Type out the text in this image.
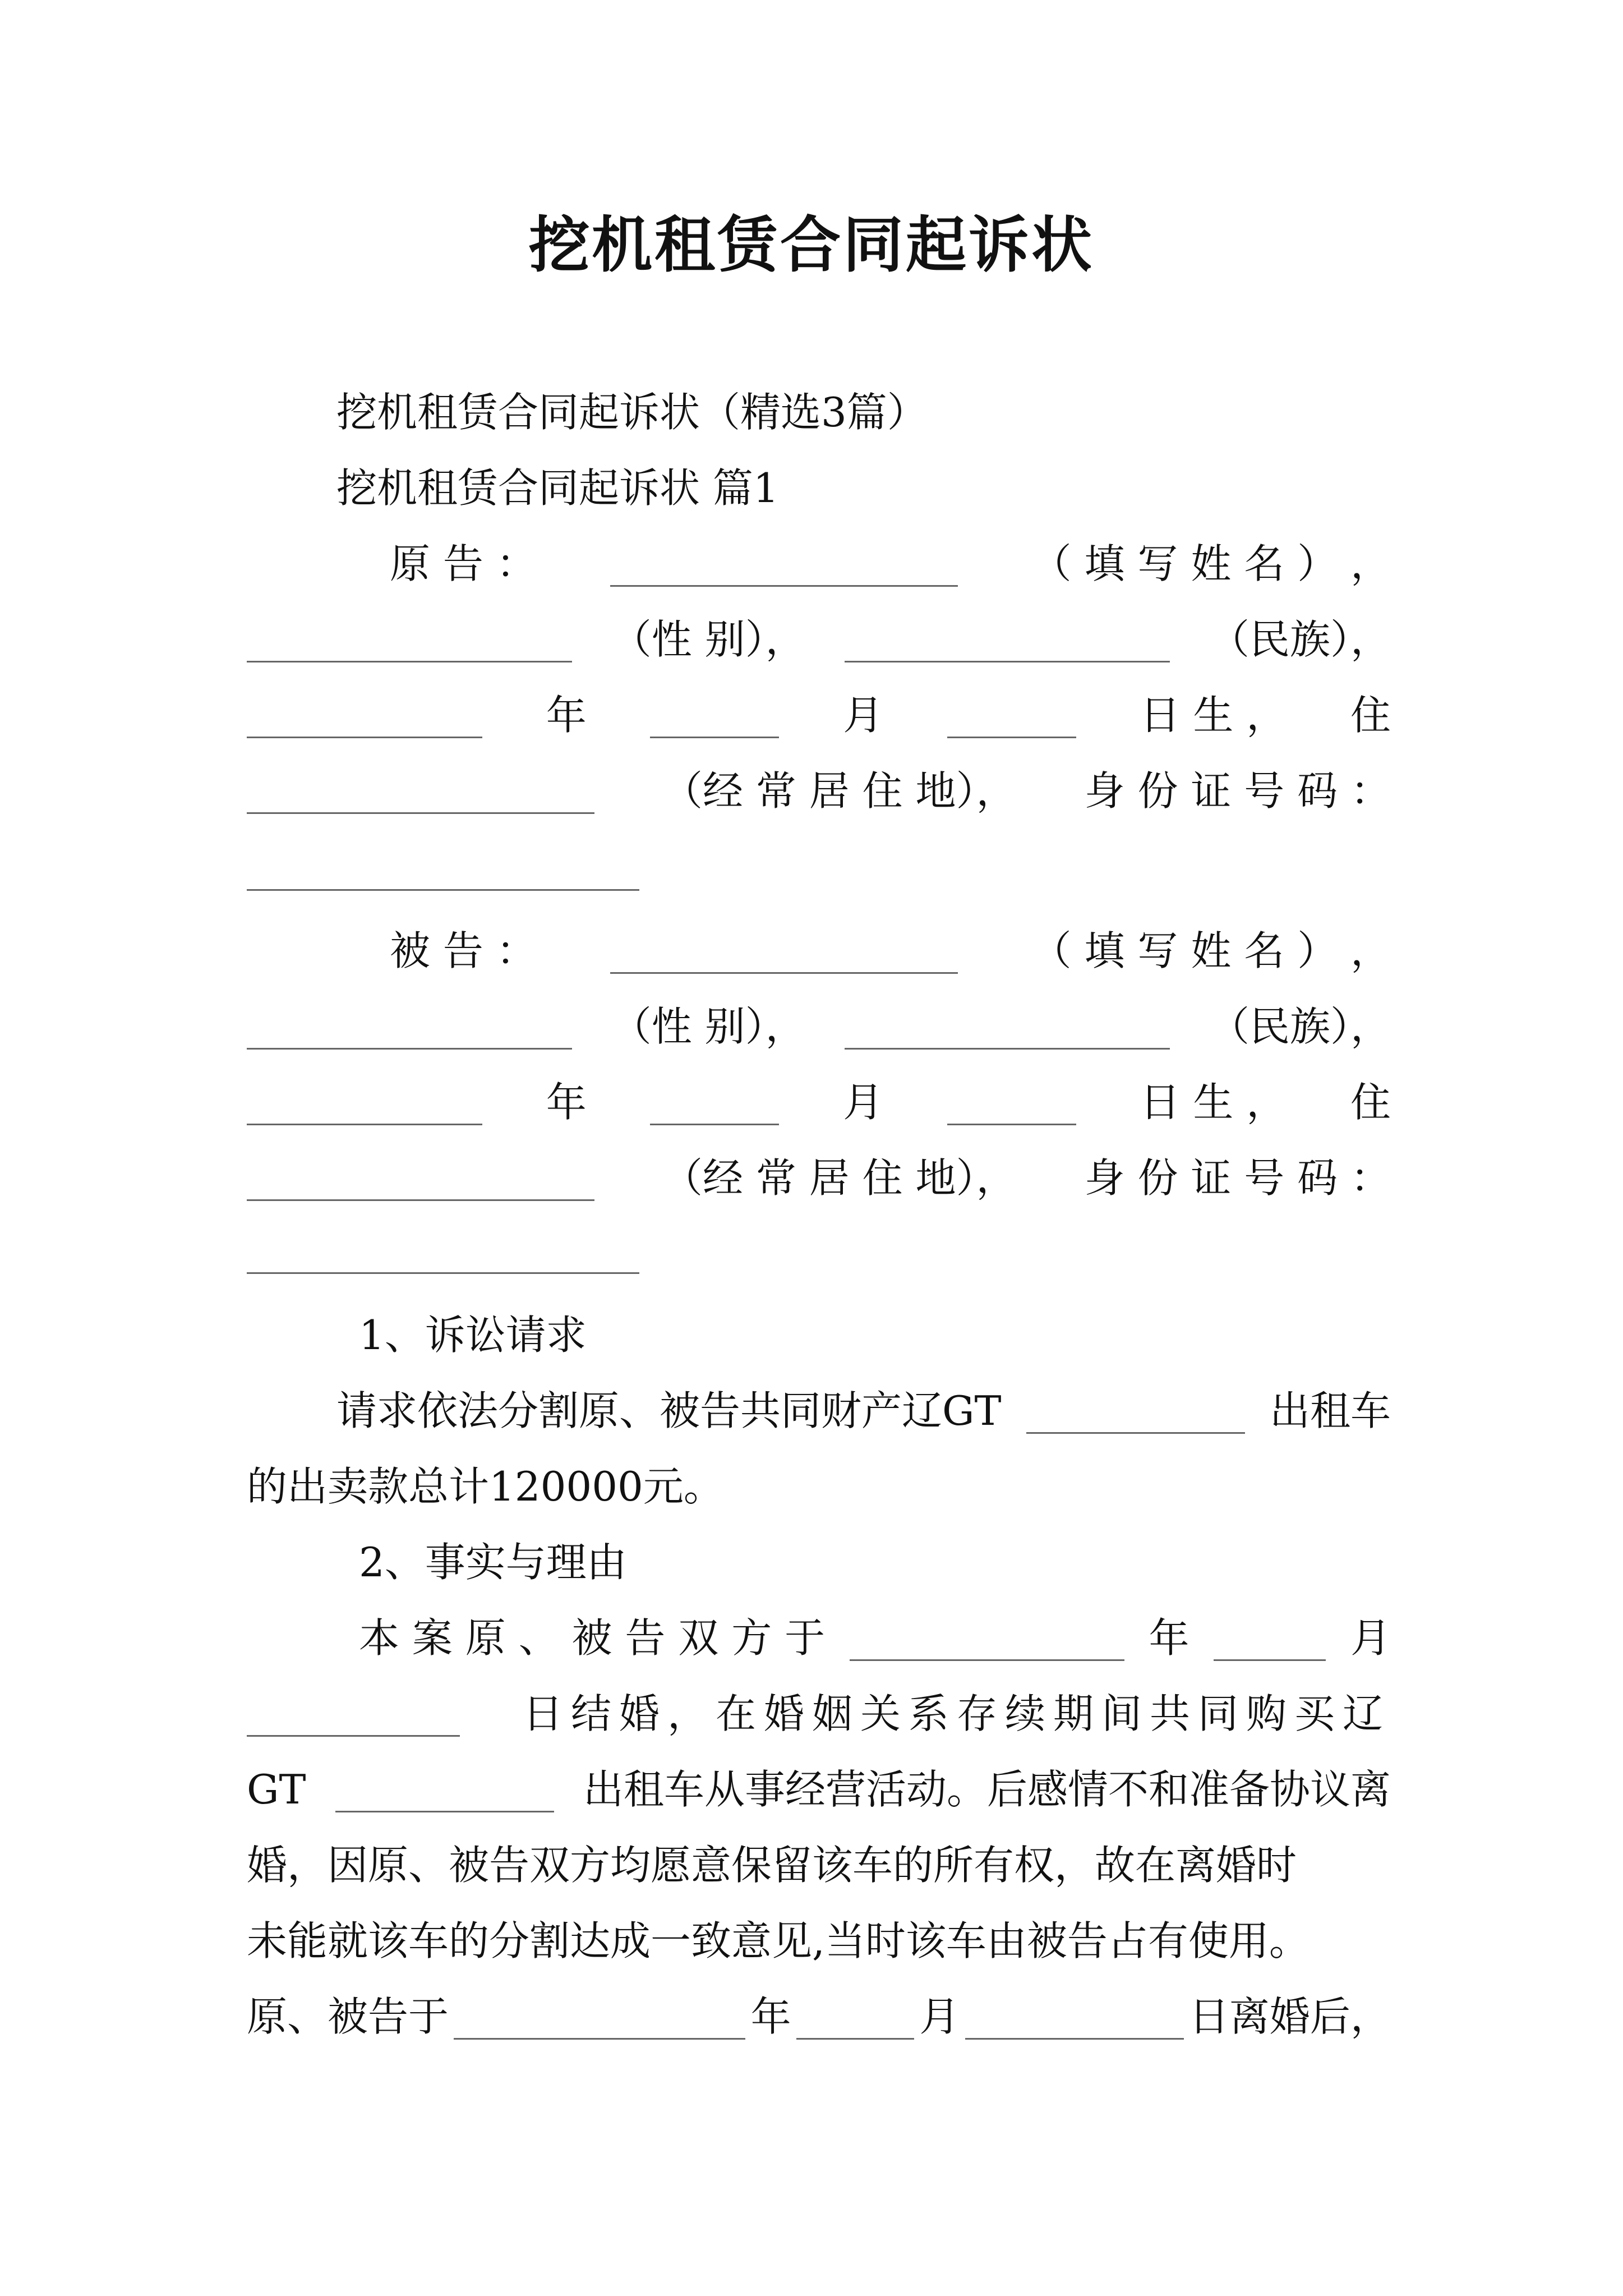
挖机租赁合同起诉状
挖机租赁合同起诉状（精选3篇）
挖机租赁合同起诉状 篇1
原 告 ：	（ 填 写 姓 名 ） ，
（性 别），	（民族），
年	月	日 生 ， 住
（经 常 居 住 地）， 身 份 证 号 码 ：
被 告 ：	（ 填 写 姓 名 ） ，
（性 别），	（民族），
年	月	日 生 ， 住
（经 常 居 住 地）， 身 份 证 号 码 ：
1、诉讼请求
请求依法分割原、被告共同财产辽GT	出租车
的出卖款总计120000元。
2、事实与理由
本 案 原 、 被 告 双 方 于	年	月
日结婚，在婚姻关系存续期间共同购买辽
GT	出租车从事经营活动。后感情不和准备协议离
婚，因原、被告双方均愿意保留该车的所有权，故在离婚时
未能就该车的分割达成一致意见,当时该车由被告占有使用。
原、被告于	年	月	日离婚后，
